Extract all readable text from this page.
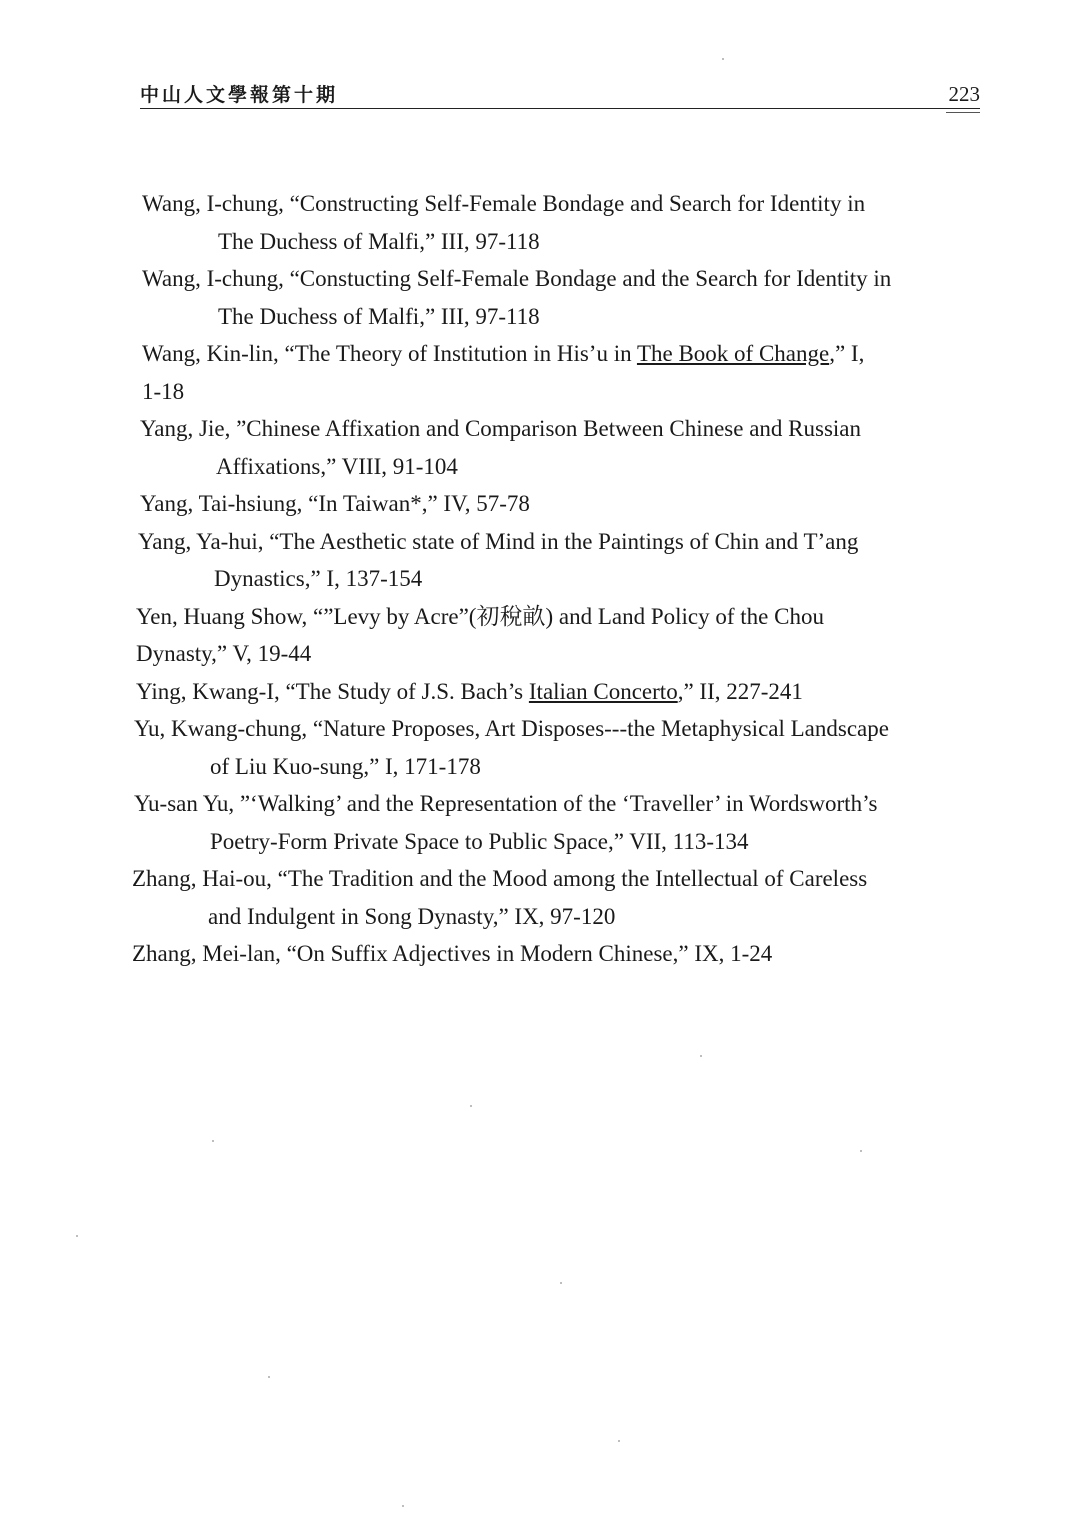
中山人文學報第十期	223
Wang, I-chung, “Constructing Self-Female Bondage and Search for Identity in
The Duchess of Malfi,” III, 97-118
Wang, I-chung, “Constucting Self-Female Bondage and the Search for Identity in
The Duchess of Malfi,” III, 97-118
Wang, Kin-lin, “The Theory of Institution in His’u in The Book of Change,” I,
1-18
Yang, Jie, ”Chinese Affixation and Comparison Between Chinese and Russian
Affixations,” VIII, 91-104
Yang, Tai-hsiung, “In Taiwan*,” IV, 57-78
Yang, Ya-hui, “The Aesthetic state of Mind in the Paintings of Chin and T’ang
Dynastics,” I, 137-154
Yen, Huang Show, “”Levy by Acre”(初稅畝) and Land Policy of the Chou
Dynasty,” V, 19-44
Ying, Kwang-I, “The Study of J.S. Bach’s Italian Concerto,” II, 227-241
Yu, Kwang-chung, “Nature Proposes, Art Disposes---the Metaphysical Landscape
of Liu Kuo-sung,” I, 171-178
Yu-san Yu, ”‘Walking’ and the Representation of the ‘Traveller’ in Wordsworth’s
Poetry-Form Private Space to Public Space,” VII, 113-134
Zhang, Hai-ou, “The Tradition and the Mood among the Intellectual of Careless
and Indulgent in Song Dynasty,” IX, 97-120
Zhang, Mei-lan, “On Suffix Adjectives in Modern Chinese,” IX, 1-24
